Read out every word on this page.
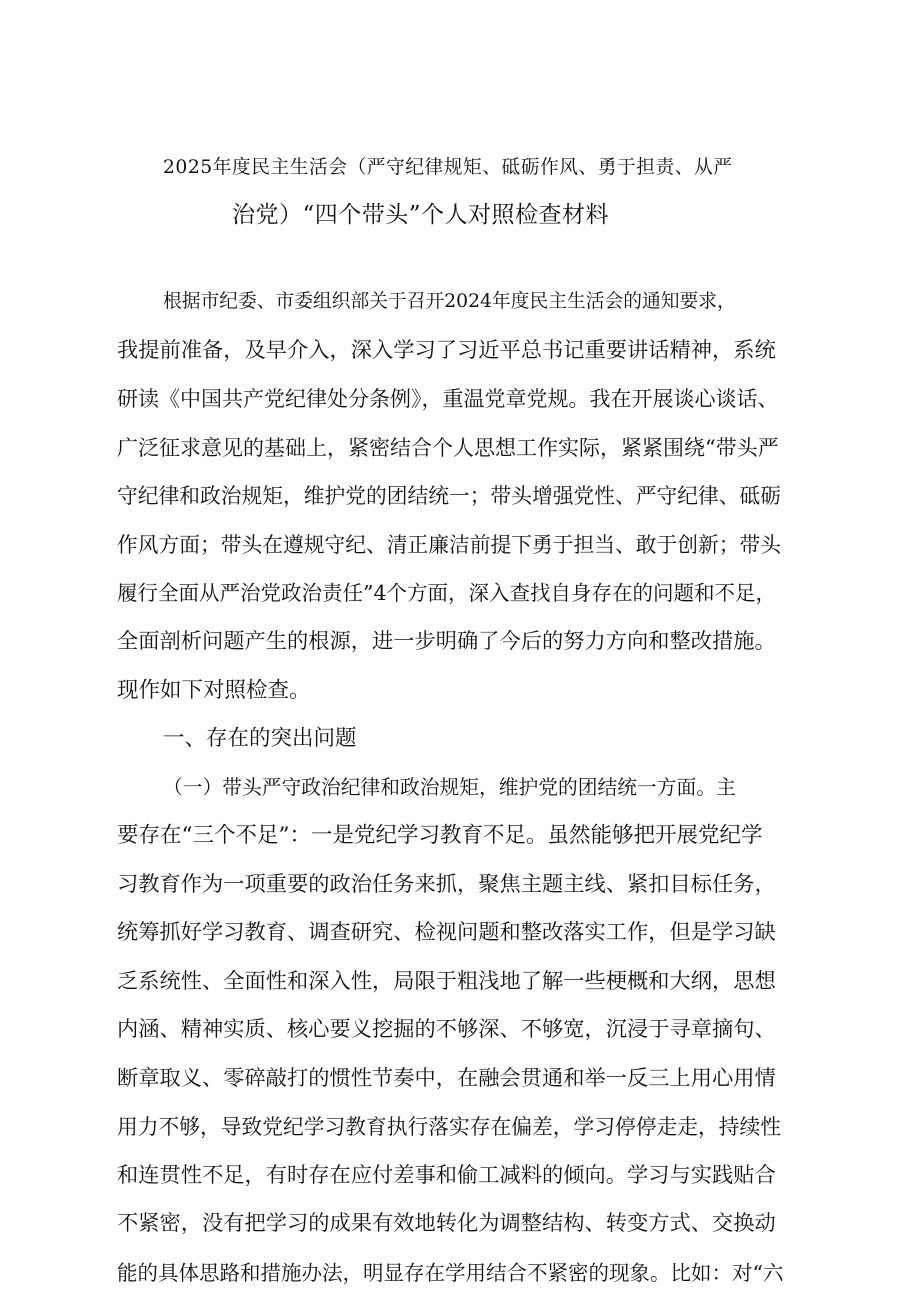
2025年度民主生活会（严守纪律规矩、砥砺作风、勇于担责、从严
治党）“四个带头”个人对照检查材料
根据市纪委、市委组织部关于召开2024年度民主生活会的通知要求，
我提前准备，及早介入，深入学习了习近平总书记重要讲话精神，系统
研读《中国共产党纪律处分条例》，重温党章党规。我在开展谈心谈话、
广泛征求意见的基础上，紧密结合个人思想工作实际，紧紧围绕“带头严
守纪律和政治规矩，维护党的团结统一；带头增强党性、严守纪律、砥砺
作风方面；带头在遵规守纪、清正廉洁前提下勇于担当、敢于创新；带头
履行全面从严治党政治责任”4个方面，深入查找自身存在的问题和不足，
全面剖析问题产生的根源，进一步明确了今后的努力方向和整改措施。
现作如下对照检查。
一、存在的突出问题
（一）带头严守政治纪律和政治规矩，维护党的团结统一方面。主
要存在“三个不足”：一是党纪学习教育不足。虽然能够把开展党纪学
习教育作为一项重要的政治任务来抓，聚焦主题主线、紧扣目标任务，
统筹抓好学习教育、调查研究、检视问题和整改落实工作，但是学习缺
乏系统性、全面性和深入性，局限于粗浅地了解一些梗概和大纲，思想
内涵、精神实质、核心要义挖掘的不够深、不够宽，沉浸于寻章摘句、
断章取义、零碎敲打的惯性节奏中，在融会贯通和举一反三上用心用情
用力不够，导致党纪学习教育执行落实存在偏差，学习停停走走，持续性
和连贯性不足，有时存在应付差事和偷工减料的倾向。学习与实践贴合
不紧密，没有把学习的成果有效地转化为调整结构、转变方式、交换动
能的具体思路和措施办法，明显存在学用结合不紧密的现象。比如：对“六
